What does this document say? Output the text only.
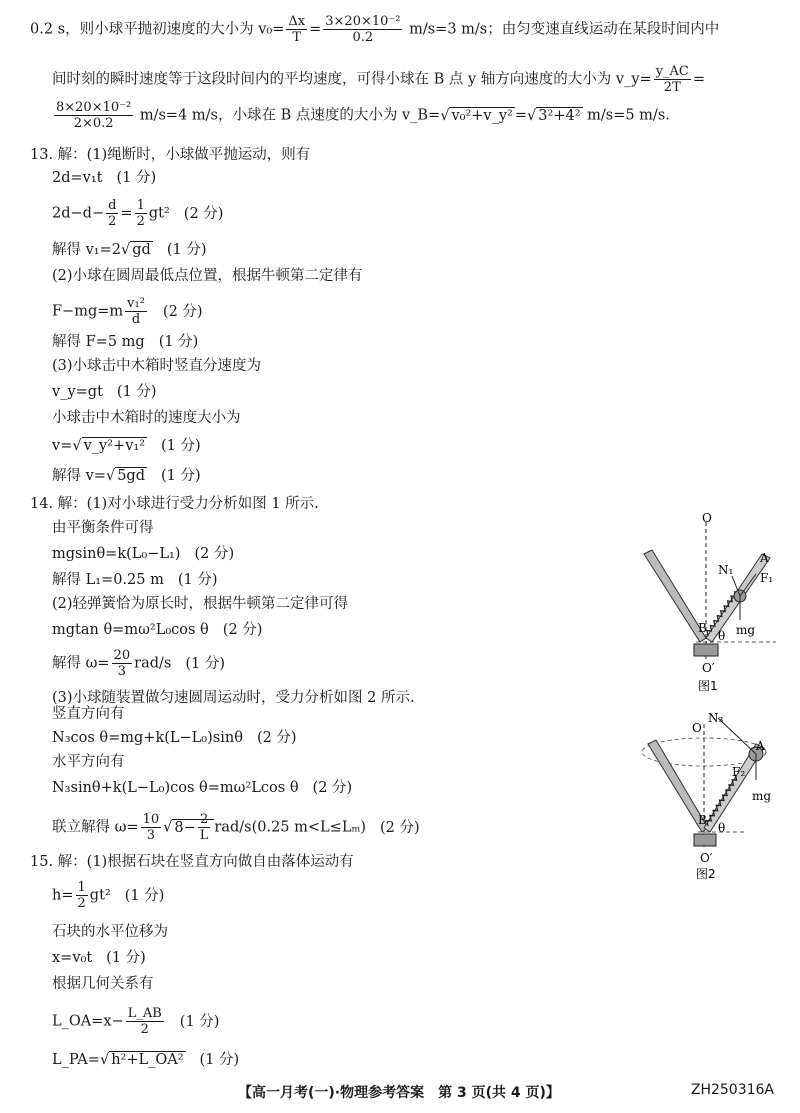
0.2 s，则小球平抛初速度的大小为 $v_0= \frac{\Delta x}{T} = \frac{\text{3×20×10⁻²}}{0.2} m/s=3$ m/s；由匀变速直线运动在某段时间内中
间时刻的瞬时速度等于这段时间内的平均速度，可得小球在 B 点 y 轴方向速度的大小为 v_y= $\frac{y\_AC}{2T}$ =
$\frac{\text{8×20×10⁻²}}{2\times 0.2} m/s=4$ m/s，小球在 B 点速度的大小为 v_B=√ v₀²+v_y² =√ 3²+4² m/s=5 m/s.
13. 解：(1)绳断时，小球做平抛运动，则有
2d=v₁t (1 分)
$2d-d- \frac{d}{2} = \frac{1}{2} gt^2$ (2 分)
解得 v₁=2√ gd (1 分)
(2)小球在圆周最低点位置，根据牛顿第二定律有
$F-mg=m \frac{\text{v₁²}}{d} (2$ 分)
解得 F=5 mg (1 分)
(3)小球击中木箱时竖直分速度为
v_y=gt (1 分)
小球击中木箱时的速度大小为
v=√ v_y²+v₁² (1 分)
解得 v=√ 5gd (1 分)
14. 解：(1)对小球进行受力分析如图 1 所示.
由平衡条件可得
mgsinθ=k(L₀−L₁) (2 分)
解得 L₁=0.25 m (1 分)
(2)轻弹簧恰为原长时，根据牛顿第二定律可得
mgtan θ=mω²L₀cos θ (2 分)
解得 $\omega= \frac{20}{3} rad/s$ (1 分)
(3)小球随装置做匀速圆周运动时，受力分析如图 2 所示.
竖直方向有
N₃cos θ=mg+k(L−L₀)sinθ (2 分)
水平方向有
N₃sinθ+k(L−L₀)cos θ=mω²Lcos θ (2 分)
联立解得 $\omega= \frac{10}{3}$ √ $8- \frac{2}{L} rad/s(0.25$ m<L≤Lₘ) (2 分)
15. 解：(1)根据石块在竖直方向做自由落体运动有
$h= \frac{1}{2} gt^2$ (1 分)
石块的水平位移为
x=v₀t (1 分)
根据几何关系有
L_OA=x− $\frac{L\_AB}{2} (1$ 分)
L_PA=√ h²+L_OA² (1 分)
O
A
N₁
F₁
mg
B
θ
O′
图1
O
N₃
A
F₂
mg
B
θ
O′
图2
【高一月考(一)·物理参考答案　第 3 页(共 4 页)】	ZH250316A
